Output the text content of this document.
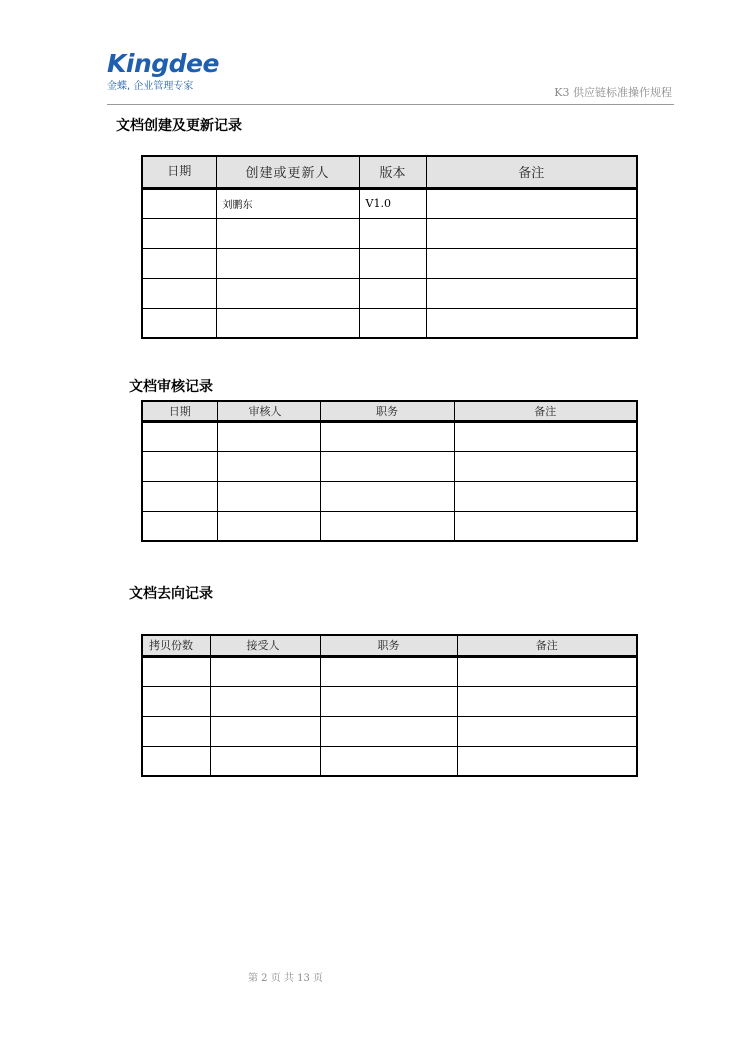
Kingdee
金蝶, 企业管理专家	K3 供应链标准操作规程
文档创建及更新记录
日期	创建或更新人	版本	备注
	刘鹏东	V1.0	

文档审核记录
日期	审核人	职务	备注

文档去向记录
拷贝份数	接受人	职务	备注

第 2 页 共 13 页
